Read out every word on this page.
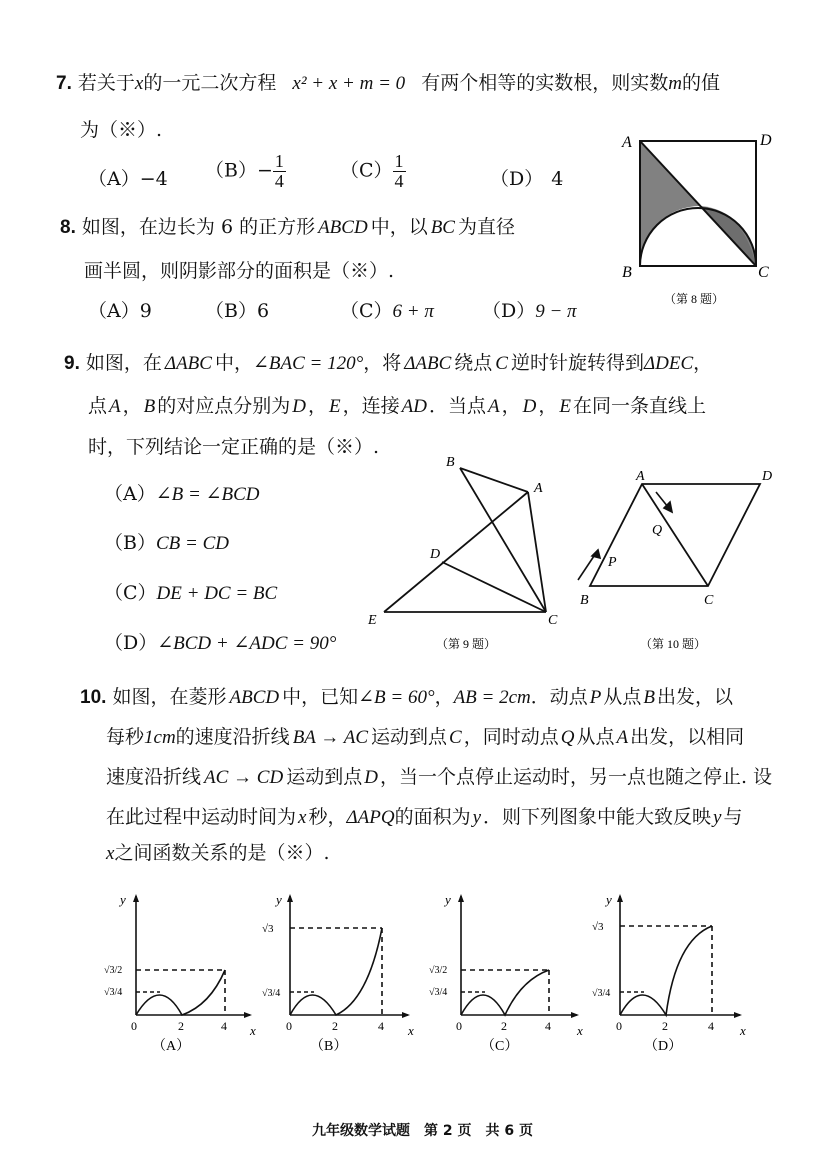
7. 若关于x的一元二次方程 x² + x + m = 0 有两个相等的实数根，则实数m的值
为（※）.
（A）−4 $(B)- \frac{1}{4}$	$(C) \frac{1}{4}$	（D） 4
8. 如图，在边长为 6 的正方形 ABCD 中，以 BC 为直径
画半圆，则阴影部分的面积是（※）.
（A）9	（B）6	（C）6 + π	（D）9 − π
A	D
B	C
（第 8 题）
9. 如图，在 ΔABC 中，∠BAC = 120°，将 ΔABC 绕点 C 逆时针旋转得到ΔDEC，
点 A ， B 的对应点分别为 D ， E ，连接 AD ．当点 A ， D ， E 在同一条直线上
时，下列结论一定正确的是（※）.
（A）∠B = ∠BCD
（B）CB = CD
（C）DE + DC = BC
（D）∠BCD + ∠ADC = 90°
B
A
D
E	C
（第 9 题）
A	D
Q
P
B	C
（第 10 题）
10. 如图，在菱形 ABCD 中，已知∠B = 60°，AB = 2cm．动点 P 从点 B 出发，以
每秒1cm的速度沿折线 BA → AC 运动到点 C ，同时动点 Q 从点 A 出发，以相同
速度沿折线 AC → CD 运动到点 D ，当一个点停止运动时，另一点也随之停止. 设
在此过程中运动时间为 x 秒，ΔAPQ的面积为 y ．则下列图象中能大致反映 y 与
x之间函数关系的是（※）.
y
x
√3/2
√3/4
0	2	4
（A）
y
x
√3
√3/4
0	2	4
（B）
y
x
√3/2
√3/4
0	2	4
（C）
y
x
√3
√3/4
0	2	4
（D）
九年级数学试题　第 2 页　共 6 页
